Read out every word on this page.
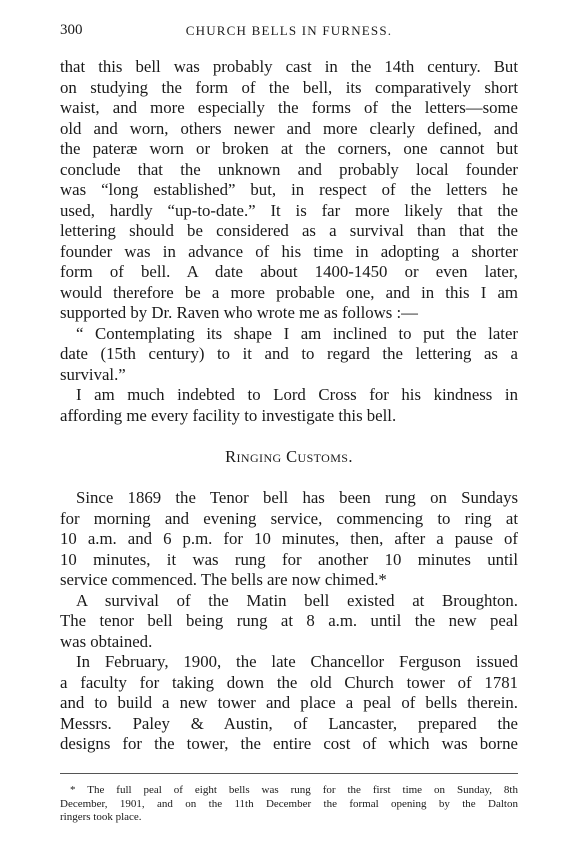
300	CHURCH BELLS IN FURNESS.
that this bell was probably cast in the 14th century. But
on studying the form of the bell, its comparatively short
waist, and more especially the forms of the letters—some
old and worn, others newer and more clearly defined, and
the pateræ worn or broken at the corners, one cannot but
conclude that the unknown and probably local founder
was “long established” but, in respect of the letters he
used, hardly “up-to-date.” It is far more likely that the
lettering should be considered as a survival than that the
founder was in advance of his time in adopting a shorter
form of bell. A date about 1400-1450 or even later,
would therefore be a more probable one, and in this I am
supported by Dr. Raven who wrote me as follows :—
“ Contemplating its shape I am inclined to put the later
date (15th century) to it and to regard the lettering as a
survival.”
I am much indebted to Lord Cross for his kindness in
affording me every facility to investigate this bell.
Ringing Customs.
Since 1869 the Tenor bell has been rung on Sundays
for morning and evening service, commencing to ring at
10 a.m. and 6 p.m. for 10 minutes, then, after a pause of
10 minutes, it was rung for another 10 minutes until
service commenced. The bells are now chimed.*
A survival of the Matin bell existed at Broughton.
The tenor bell being rung at 8 a.m. until the new peal
was obtained.
In February, 1900, the late Chancellor Ferguson issued
a faculty for taking down the old Church tower of 1781
and to build a new tower and place a peal of bells therein.
Messrs. Paley & Austin, of Lancaster, prepared the
designs for the tower, the entire cost of which was borne
* The full peal of eight bells was rung for the first time on Sunday, 8th
December, 1901, and on the 11th December the formal opening by the Dalton
ringers took place.
